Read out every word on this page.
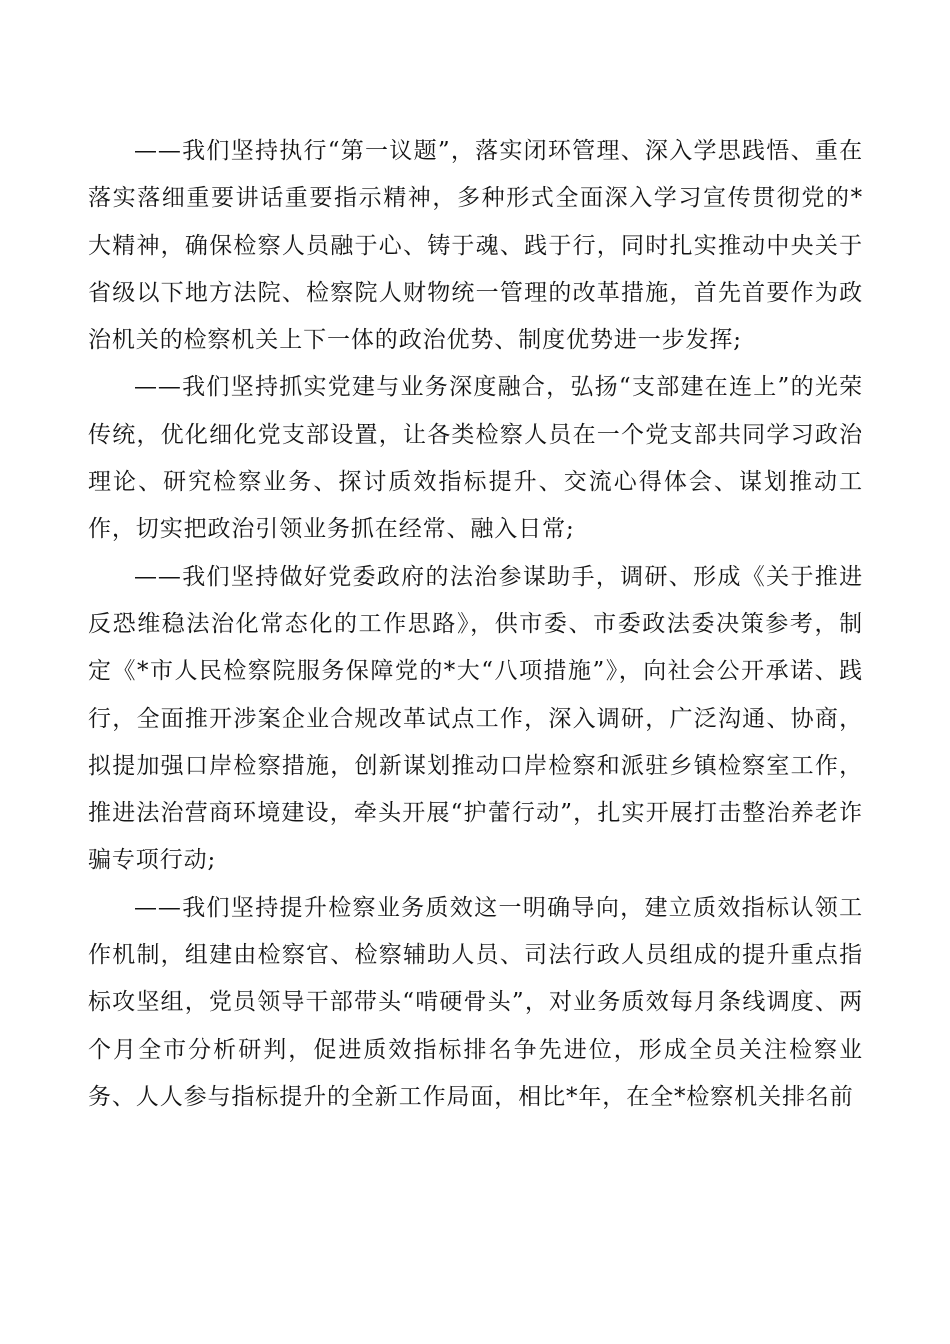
——我们坚持执行“第一议题”，落实闭环管理、深入学思践悟、重在落实落细重要讲话重要指示精神，多种形式全面深入学习宣传贯彻党的*大精神，确保检察人员融于心、铸于魂、践于行，同时扎实推动中央关于省级以下地方法院、检察院人财物统一管理的改革措施，首先首要作为政治机关的检察机关上下一体的政治优势、制度优势进一步发挥;

——我们坚持抓实党建与业务深度融合，弘扬“支部建在连上”的光荣传统，优化细化党支部设置，让各类检察人员在一个党支部共同学习政治理论、研究检察业务、探讨质效指标提升、交流心得体会、谋划推动工作，切实把政治引领业务抓在经常、融入日常;

——我们坚持做好党委政府的法治参谋助手，调研、形成《关于推进反恐维稳法治化常态化的工作思路》，供市委、市委政法委决策参考，制定《*市人民检察院服务保障党的*大“八项措施”》，向社会公开承诺、践行，全面推开涉案企业合规改革试点工作，深入调研，广泛沟通、协商，拟提加强口岸检察措施，创新谋划推动口岸检察和派驻乡镇检察室工作，推进法治营商环境建设，牵头开展“护蕾行动”，扎实开展打击整治养老诈骗专项行动;

——我们坚持提升检察业务质效这一明确导向，建立质效指标认领工作机制，组建由检察官、检察辅助人员、司法行政人员组成的提升重点指标攻坚组，党员领导干部带头“啃硬骨头”，对业务质效每月条线调度、两个月全市分析研判，促进质效指标排名争先进位，形成全员关注检察业务、人人参与指标提升的全新工作局面，相比*年，在全*检察机关排名前
